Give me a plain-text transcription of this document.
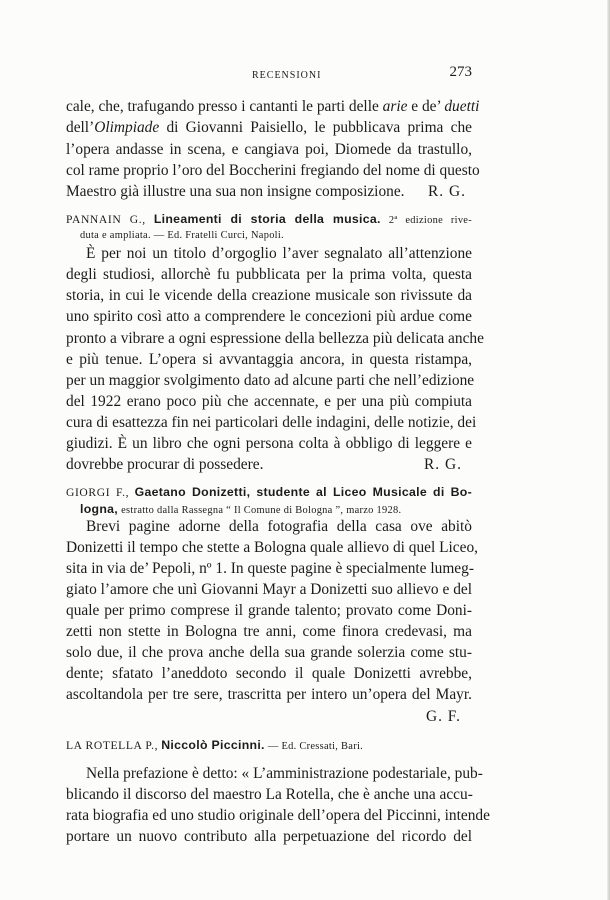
RECENSIONI	273
cale, che, trafugando presso i cantanti le parti delle arie e de’ duetti
dell’Olimpiade di Giovanni Paisiello, le pubblicava prima che
l’opera andasse in scena, e cangiava poi, Diomede da trastullo,
col rame proprio l’oro del Boccherini fregiando del nome di questo
Maestro già illustre una sua non insigne composizione. R. G.
PANNAIN G., Lineamenti di storia della musica. 2ª edizione rive-
duta e ampliata. — Ed. Fratelli Curci, Napoli.
È per noi un titolo d’orgoglio l’aver segnalato all’attenzione
degli studiosi, allorchè fu pubblicata per la prima volta, questa
storia, in cui le vicende della creazione musicale son rivissute da
uno spirito così atto a comprendere le concezioni più ardue come
pronto a vibrare a ogni espressione della bellezza più delicata anche
e più tenue. L’opera si avvantaggia ancora, in questa ristampa,
per un maggior svolgimento dato ad alcune parti che nell’edizione
del 1922 erano poco più che accennate, e per una più compiuta
cura di esattezza fin nei particolari delle indagini, delle notizie, dei
giudizi. È un libro che ogni persona colta à obbligo di leggere e
dovrebbe procurar di possedere.	R. G.
GIORGI F., Gaetano Donizetti, studente al Liceo Musicale di Bo-
logna, estratto dalla Rassegna “ Il Comune di Bologna ”, marzo 1928.
Brevi pagine adorne della fotografia della casa ove abitò
Donizetti il tempo che stette a Bologna quale allievo di quel Liceo,
sita in via de’ Pepoli, nº 1. In queste pagine è specialmente lumeg-
giato l’amore che unì Giovanni Mayr a Donizetti suo allievo e del
quale per primo comprese il grande talento; provato come Doni-
zetti non stette in Bologna tre anni, come finora credevasi, ma
solo due, il che prova anche della sua grande solerzia come stu-
dente; sfatato l’aneddoto secondo il quale Donizetti avrebbe,
ascoltandola per tre sere, trascritta per intero un’opera del Mayr.
G. F.
LA ROTELLA P., Niccolò Piccinni. — Ed. Cressati, Bari.
Nella prefazione è detto: « L’amministrazione podestariale, pub-
blicando il discorso del maestro La Rotella, che è anche una accu-
rata biografia ed uno studio originale dell’opera del Piccinni, intende
portare un nuovo contributo alla perpetuazione del ricordo del
